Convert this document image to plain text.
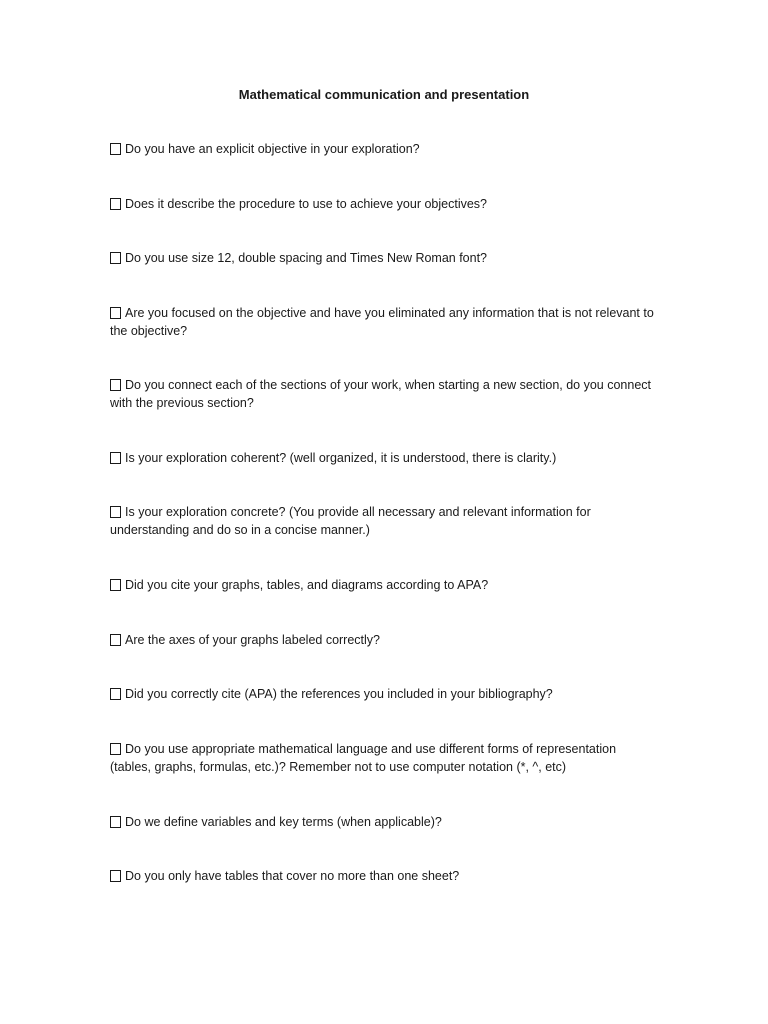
Mathematical communication and presentation
Do you have an explicit objective in your exploration?
Does it describe the procedure to use to achieve your objectives?
Do you use size 12, double spacing and Times New Roman font?
Are you focused on the objective and have you eliminated any information that is not relevant to the objective?
Do you connect each of the sections of your work, when starting a new section, do you connect with the previous section?
Is your exploration coherent? (well organized, it is understood, there is clarity.)
Is your exploration concrete? (You provide all necessary and relevant information for understanding and do so in a concise manner.)
Did you cite your graphs, tables, and diagrams according to APA?
Are the axes of your graphs labeled correctly?
Did you correctly cite (APA) the references you included in your bibliography?
Do you use appropriate mathematical language and use different forms of representation (tables, graphs, formulas, etc.)? Remember not to use computer notation (*, ^, etc)
Do we define variables and key terms (when applicable)?
Do you only have tables that cover no more than one sheet?
